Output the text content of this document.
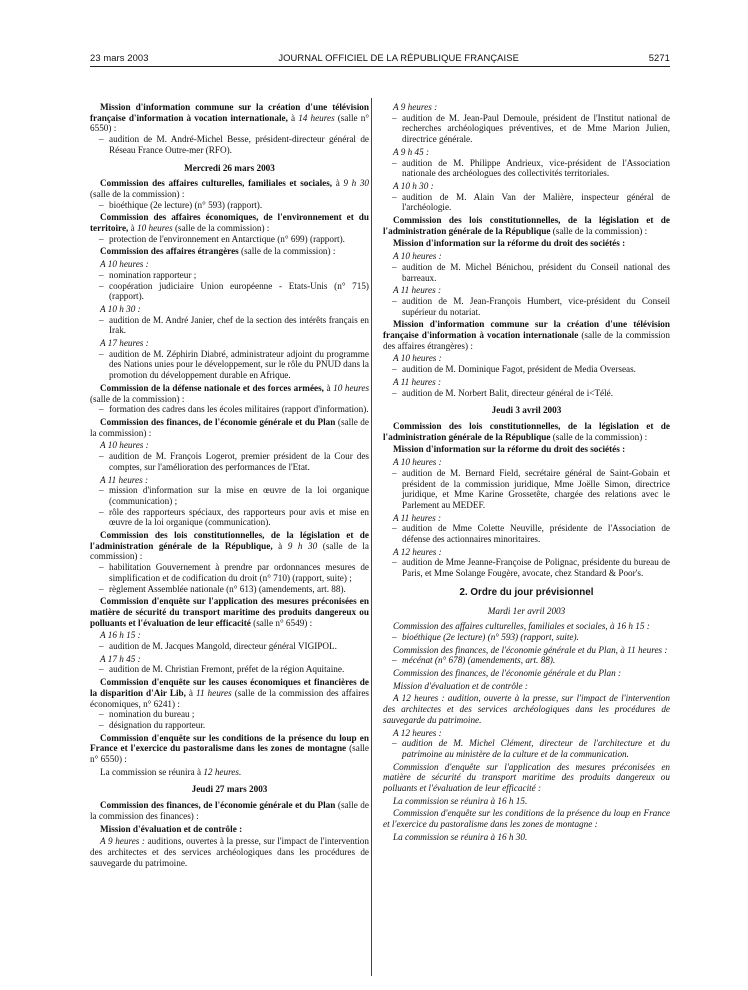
23 mars 2003	JOURNAL OFFICIEL DE LA RÉPUBLIQUE FRANÇAISE	5271

Mission d'information commune sur la création d'une télévision française d'information à vocation internationale, à 14 heures (salle n° 6550) :

– audition de M. André-Michel Besse, président-directeur général de Réseau France Outre-mer (RFO).
Mercredi 26 mars 2003

Commission des affaires culturelles, familiales et sociales, à 9 h 30 (salle de la commission) :

– bioéthique (2e lecture) (n° 593) (rapport).

Commission des affaires économiques, de l'environnement et du territoire, à 10 heures (salle de la commission) :

– protection de l'environnement en Antarctique (n° 699) (rapport).

Commission des affaires étrangères (salle de la commission) :

A 10 heures :

– nomination rapporteur ;
– coopération judiciaire Union européenne - Etats-Unis (n° 715) (rapport).

A 10 h 30 :

– audition de M. André Janier, chef de la section des intérêts français en Irak.

A 17 heures :

– audition de M. Zéphirin Diabré, administrateur adjoint du programme des Nations unies pour le développement, sur le rôle du PNUD dans la promotion du développement durable en Afrique.

Commission de la défense nationale et des forces armées, à 10 heures (salle de la commission) :

– formation des cadres dans les écoles militaires (rapport d'information).

Commission des finances, de l'économie générale et du Plan (salle de la commission) :

A 10 heures :

– audition de M. François Logerot, premier président de la Cour des comptes, sur l'amélioration des performances de l'Etat.

A 11 heures :

– mission d'information sur la mise en œuvre de la loi organique (communication) ;
– rôle des rapporteurs spéciaux, des rapporteurs pour avis et mise en œuvre de la loi organique (communication).

Commission des lois constitutionnelles, de la législation et de l'administration générale de la République, à 9 h 30 (salle de la commission) :

– habilitation Gouvernement à prendre par ordonnances mesures de simplification et de codification du droit (n° 710) (rapport, suite) ;
– règlement Assemblée nationale (n° 613) (amendements, art. 88).

Commission d'enquête sur l'application des mesures préconisées en matière de sécurité du transport maritime des produits dangereux ou polluants et l'évaluation de leur efficacité (salle n° 6549) :

A 16 h 15 :

– audition de M. Jacques Mangold, directeur général VIGIPOL.

A 17 h 45 :

– audition de M. Christian Fremont, préfet de la région Aquitaine.

Commission d'enquête sur les causes économiques et financières de la disparition d'Air Lib, à 11 heures (salle de la commission des affaires économiques, n° 6241) :

– nomination du bureau ;
– désignation du rapporteur.

Commission d'enquête sur les conditions de la présence du loup en France et l'exercice du pastoralisme dans les zones de montagne (salle n° 6550) :

La commission se réunira à 12 heures.

Jeudi 27 mars 2003

Commission des finances, de l'économie générale et du Plan (salle de la commission des finances) :

Mission d'évaluation et de contrôle :

A 9 heures : auditions, ouvertes à la presse, sur l'impact de l'intervention des architectes et des services archéologiques dans les procédures de sauvegarde du patrimoine.

A 9 heures :

– audition de M. Jean-Paul Demoule, président de l'Institut national de recherches archéologiques préventives, et de Mme Marion Julien, directrice générale.

A 9 h 45 :

– audition de M. Philippe Andrieux, vice-président de l'Association nationale des archéologues des collectivités territoriales.

A 10 h 30 :

– audition de M. Alain Van der Malière, inspecteur général de l'archéologie.

Commission des lois constitutionnelles, de la législation et de l'administration générale de la République (salle de la commission) :

Mission d'information sur la réforme du droit des sociétés :

A 10 heures :

– audition de M. Michel Bénichou, président du Conseil national des barreaux.

A 11 heures :

– audition de M. Jean-François Humbert, vice-président du Conseil supérieur du notariat.

Mission d'information commune sur la création d'une télévision française d'information à vocation internationale (salle de la commission des affaires étrangères) :

A 10 heures :

– audition de M. Dominique Fagot, président de Media Overseas.

A 11 heures :

– audition de M. Norbert Balit, directeur général de i<Télé.
Jeudi 3 avril 2003

Commission des lois constitutionnelles, de la législation et de l'administration générale de la République (salle de la commission) :

Mission d'information sur la réforme du droit des sociétés :

A 10 heures :

– audition de M. Bernard Field, secrétaire général de Saint-Gobain et président de la commission juridique, Mme Joëlle Simon, directrice juridique, et Mme Karine Grossetête, chargée des relations avec le Parlement au MEDEF.

A 11 heures :

– audition de Mme Colette Neuville, présidente de l'Association de défense des actionnaires minoritaires.

A 12 heures :

– audition de Mme Jeanne-Françoise de Polignac, présidente du bureau de Paris, et Mme Solange Fougère, avocate, chez Standard & Poor's.
2. Ordre du jour prévisionnel
Mardi 1er avril 2003

Commission des affaires culturelles, familiales et sociales, à 16 h 15 :

– bioéthique (2e lecture) (n° 593) (rapport, suite).

Commission des finances, de l'économie générale et du Plan, à 11 heures :

– mécénat (n° 678) (amendements, art. 88).

Commission des finances, de l'économie générale et du Plan :

Mission d'évaluation et de contrôle :

A 12 heures : audition, ouverte à la presse, sur l'impact de l'intervention des architectes et des services archéologiques dans les procédures de sauvegarde du patrimoine.

A 12 heures :

– audition de M. Michel Clément, directeur de l'architecture et du patrimoine au ministère de la culture et de la communication.

Commission d'enquête sur l'application des mesures préconisées en matière de sécurité du transport maritime des produits dangereux ou polluants et l'évaluation de leur efficacité :

La commission se réunira à 16 h 15.

Commission d'enquête sur les conditions de la présence du loup en France et l'exercice du pastoralisme dans les zones de montagne :

La commission se réunira à 16 h 30.
